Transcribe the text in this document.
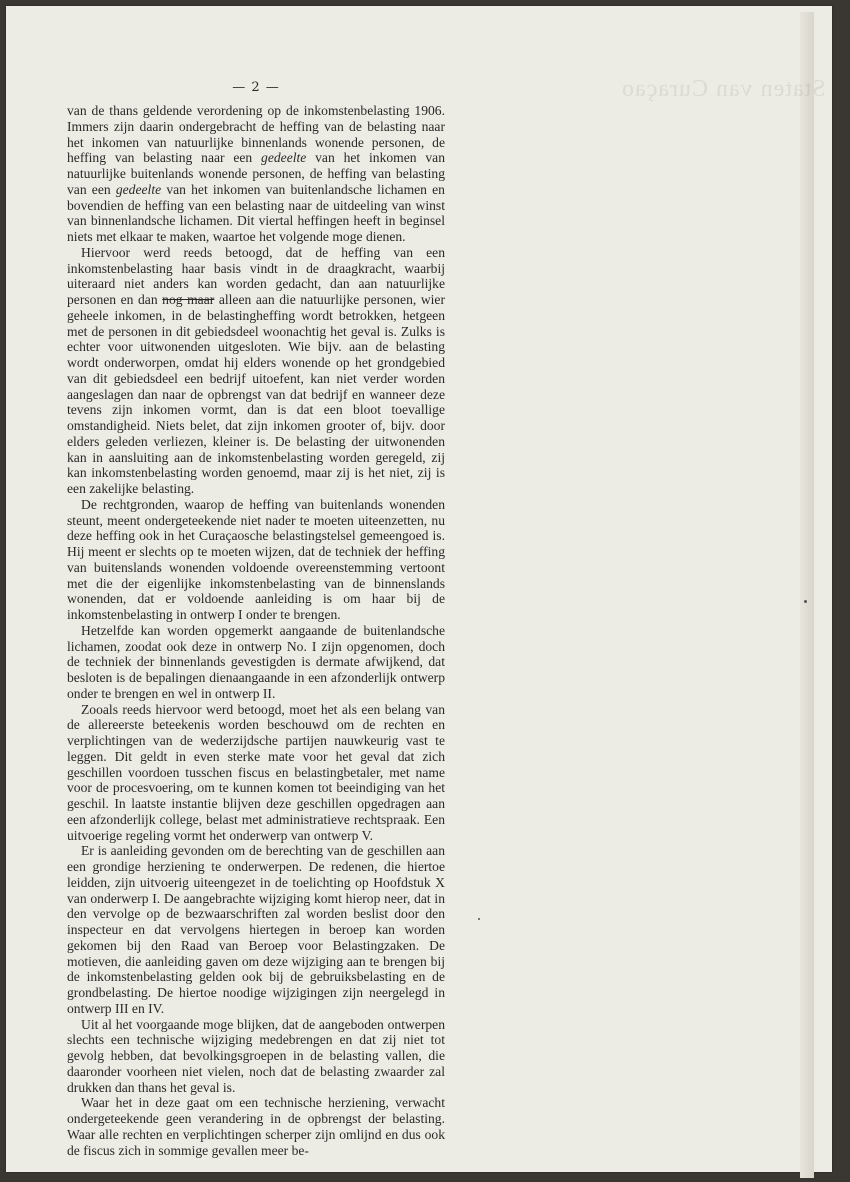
Staten van Curaçao
— 2 —

van de thans geldende verordening op de inkomstenbelasting 1906. Immers zijn daarin ondergebracht de heffing van de belasting naar het inkomen van natuurlijke binnenlands wonende personen, de heffing van belasting naar een gedeelte van het inkomen van natuurlijke buitenlands wonende personen, de heffing van belasting van een gedeelte van het inkomen van buitenlandsche lichamen en bovendien de heffing van een belasting naar de uitdeeling van winst van binnenlandsche lichamen. Dit viertal heffingen heeft in beginsel niets met elkaar te maken, waartoe het volgende moge dienen.

Hiervoor werd reeds betoogd, dat de heffing van een inkomstenbelasting haar basis vindt in de draagkracht, waarbij uiteraard niet anders kan worden gedacht, dan aan natuurlijke personen en dan nog maar alleen aan die natuurlijke personen, wier geheele inkomen, in de belastingheffing wordt betrokken, hetgeen met de personen in dit gebiedsdeel woonachtig het geval is. Zulks is echter voor uitwonenden uitgesloten. Wie bijv. aan de belasting wordt onderworpen, omdat hij elders wonende op het grondgebied van dit gebiedsdeel een bedrijf uitoefent, kan niet verder worden aangeslagen dan naar de opbrengst van dat bedrijf en wanneer deze tevens zijn inkomen vormt, dan is dat een bloot toevallige omstandigheid. Niets belet, dat zijn inkomen grooter of, bijv. door elders geleden verliezen, kleiner is. De belasting der uitwonenden kan in aansluiting aan de inkomstenbelasting worden geregeld, zij kan inkomstenbelasting worden genoemd, maar zij is het niet, zij is een zakelijke belasting.

De rechtgronden, waarop de heffing van buitenlands wonenden steunt, meent ondergeteekende niet nader te moeten uiteenzetten, nu deze heffing ook in het Curaçaosche belastingstelsel gemeengoed is. Hij meent er slechts op te moeten wijzen, dat de techniek der heffing van buitenslands wonenden voldoende overeenstemming vertoont met die der eigenlijke inkomstenbelasting van de binnenslands wonenden, dat er voldoende aanleiding is om haar bij de inkomstenbelasting in ontwerp I onder te brengen.

Hetzelfde kan worden opgemerkt aangaande de buitenlandsche lichamen, zoodat ook deze in ontwerp No. I zijn opgenomen, doch de techniek der binnenlands gevestigden is dermate afwijkend, dat besloten is de bepalingen dienaangaande in een afzonderlijk ontwerp onder te brengen en wel in ontwerp II.

Zooals reeds hiervoor werd betoogd, moet het als een belang van de allereerste beteekenis worden beschouwd om de rechten en verplichtingen van de wederzijdsche partijen nauwkeurig vast te leggen. Dit geldt in even sterke mate voor het geval dat zich geschillen voordoen tusschen fiscus en belastingbetaler, met name voor de procesvoering, om te kunnen komen tot beeindiging van het geschil. In laatste instantie blijven deze geschillen opgedragen aan een afzonderlijk college, belast met administratieve rechtspraak. Een uitvoerige regeling vormt het onderwerp van ontwerp V.

Er is aanleiding gevonden om de berechting van de geschillen aan een grondige herziening te onderwerpen. De redenen, die hiertoe leidden, zijn uitvoerig uiteengezet in de toelichting op Hoofdstuk X van onderwerp I. De aangebrachte wijziging komt hierop neer, dat in den vervolge op de bezwaarschriften zal worden beslist door den inspecteur en dat vervolgens hiertegen in beroep kan worden gekomen bij den Raad van Beroep voor Belastingzaken. De motieven, die aanleiding gaven om deze wijziging aan te brengen bij de inkomstenbelasting gelden ook bij de gebruiksbelasting en de grondbelasting. De hiertoe noodige wijzigingen zijn neergelegd in ontwerp III en IV.

Uit al het voorgaande moge blijken, dat de aangeboden ontwerpen slechts een technische wijziging medebrengen en dat zij niet tot gevolg hebben, dat bevolkingsgroepen in de belasting vallen, die daaronder voorheen niet vielen, noch dat de belasting zwaarder zal drukken dan thans het geval is.

Waar het in deze gaat om een technische herziening, verwacht ondergeteekende geen verandering in de opbrengst der belasting. Waar alle rechten en verplichtingen scherper zijn omlijnd en dus ook de fiscus zich in sommige gevallen meer be-
